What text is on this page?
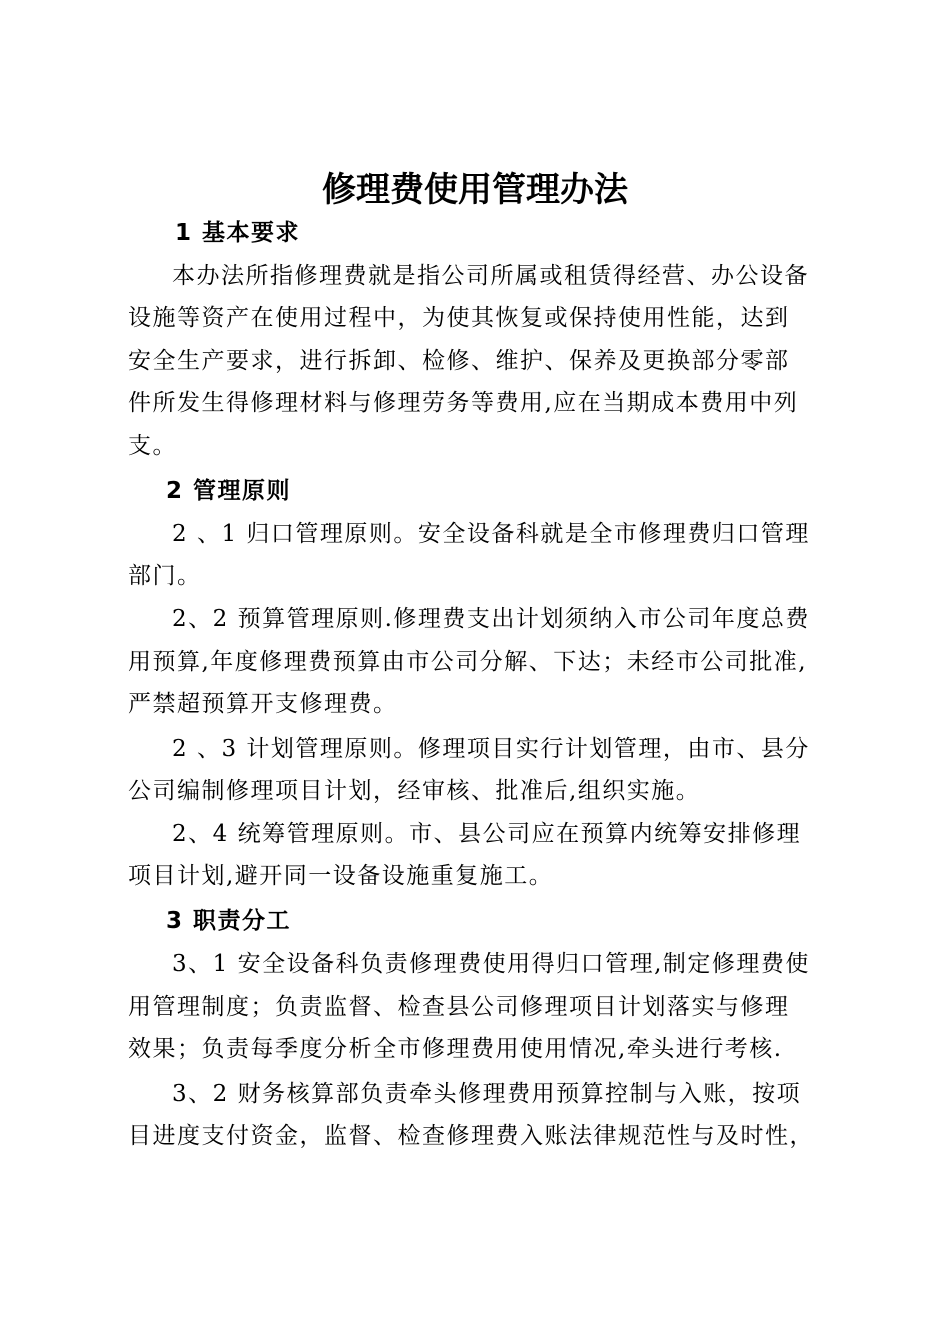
修理费使用管理办法
1 基本要求
本办法所指修理费就是指公司所属或租赁得经营、办公设备
设施等资产在使用过程中，为使其恢复或保持使用性能，达到
安全生产要求，进行拆卸、检修、维护、保养及更换部分零部
件所发生得修理材料与修理劳务等费用,应在当期成本费用中列
支。
2 管理原则
2 、1 归口管理原则。安全设备科就是全市修理费归口管理
部门。
2、2 预算管理原则.修理费支出计划须纳入市公司年度总费
用预算,年度修理费预算由市公司分解、下达；未经市公司批准,
严禁超预算开支修理费。
2 、3 计划管理原则。修理项目实行计划管理，由市、县分
公司编制修理项目计划，经审核、批准后,组织实施。
2、4 统筹管理原则。市、县公司应在预算内统筹安排修理
项目计划,避开同一设备设施重复施工。
3 职责分工
3、1 安全设备科负责修理费使用得归口管理,制定修理费使
用管理制度；负责监督、检查县公司修理项目计划落实与修理
效果；负责每季度分析全市修理费用使用情况,牵头进行考核.
3、2 财务核算部负责牵头修理费用预算控制与入账，按项
目进度支付资金，监督、检查修理费入账法律规范性与及时性，
